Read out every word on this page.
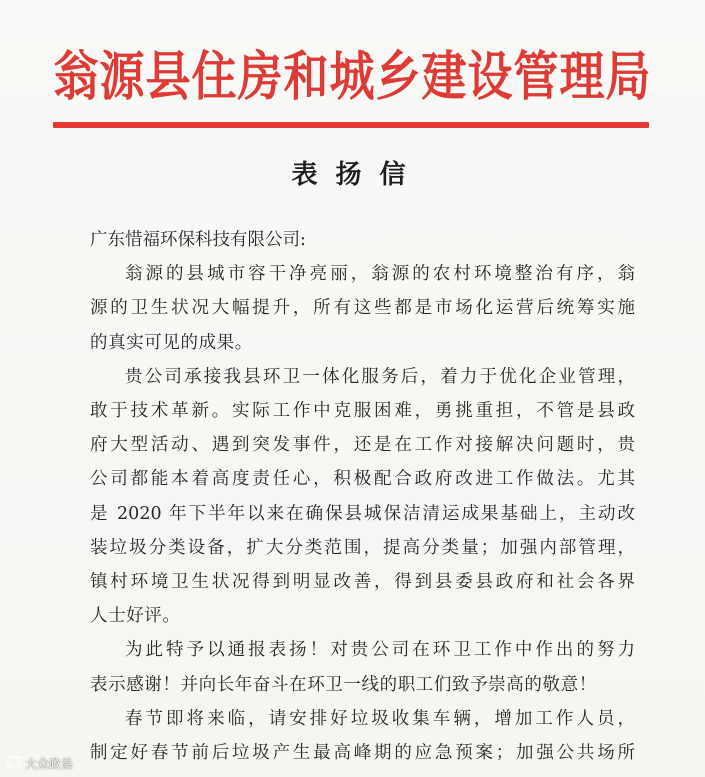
翁源县住房和城乡建设管理局
表扬信

广东惜福环保科技有限公司:

翁源的县城市容干净亮丽，翁源的农村环境整治有序，翁
源的卫生状况大幅提升，所有这些都是市场化运营后统筹实施
的真实可见的成果。
贵公司承接我县环卫一体化服务后，着力于优化企业管理，
敢于技术革新。实际工作中克服困难，勇挑重担，不管是县政
府大型活动、遇到突发事件，还是在工作对接解决问题时，贵
公司都能本着高度责任心，积极配合政府改进工作做法。尤其
是 2020 年下半年以来在确保县城保洁清运成果基础上，主动改
装垃圾分类设备，扩大分类范围，提高分类量；加强内部管理，
镇村环境卫生状况得到明显改善，得到县委县政府和社会各界
人士好评。
为此特予以通报表扬！对贵公司在环卫工作中作出的努力
表示感谢！并向长年奋斗在环卫一线的职工们致予崇高的敬意！
春节即将来临，请安排好垃圾收集车辆，增加工作人员，
制定好春节前后垃圾产生最高峰期的应急预案；加强公共场所
大众政县
